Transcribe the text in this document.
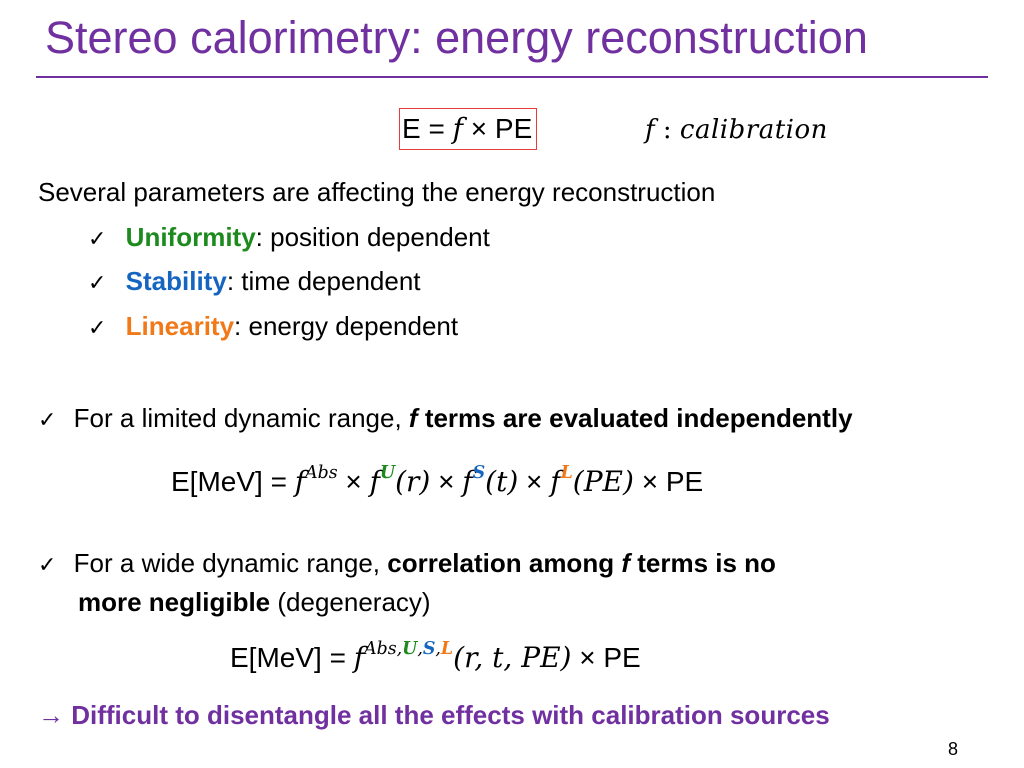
Stereo calorimetry: energy reconstruction
E = f × PE	f : calibration
Several parameters are affecting the energy reconstruction
✓ Uniformity: position dependent
✓ Stability: time dependent
✓ Linearity: energy dependent
✓ For a limited dynamic range, f terms are evaluated independently
$E[MeV] = f^{Abs} \times f^U(r) \times f^S(t) \times f^L(PE)$ × PE
✓ For a wide dynamic range, correlation among f terms is no
more negligible (degeneracy)
$E[MeV] = f^{Abs,U,S,L}(r$, t, PE) × PE
→ Difficult to disentangle all the effects with calibration sources
8
